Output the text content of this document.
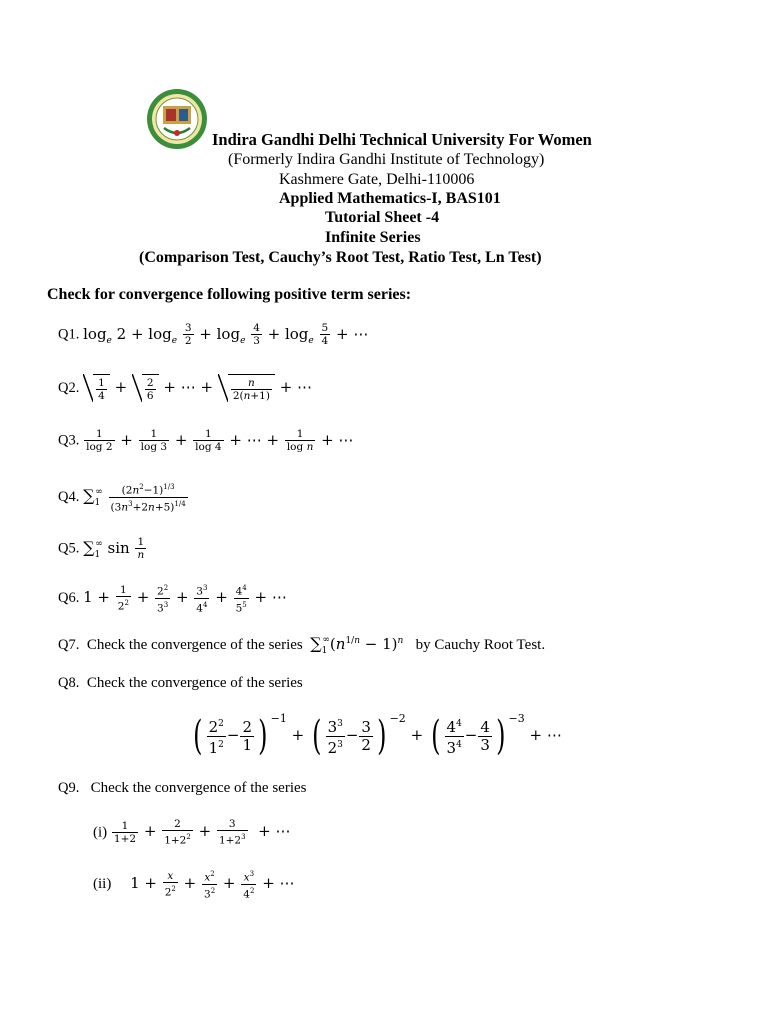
Indira Gandhi Delhi Technical University For Women
(Formerly Indira Gandhi Institute of Technology)
Kashmere Gate, Delhi-110006
Applied Mathematics-I, BAS101
Tutorial Sheet -4
Infinite Series
(Comparison Test, Cauchy’s Root Test, Ratio Test, Ln Test)
Check for convergence following positive term series:
Q1. $\log_e 2 + \log_e \frac{3}{2} + \log_e \frac{4}{3} + \log_e \frac{5}{4}$ + ⋯
Q2. $\frac{1}{4} + \frac{2}{6}$ + ⋯ + $\frac{n}{2(n+1)}$ + ⋯
Q3. $\frac{1}{\log 2} + \frac{1}{\log 3} + \frac{1}{\log 4}$ + ⋯ + $\frac{1}{\text{log n}}$ + ⋯
Q4. $\sum_1^\infty \frac{(2n^2-1)^{1/3}}{(3n^3+2n+5)^{1/4}}$
Q5. $\sum_1^\infty$ $\sin \frac{1}{n}$
Q6. $1 + \frac{1}{2^2} + \frac{2^2}{3^3} + \frac{3^3}{4^4} + \frac{4^4}{5^5}$ + ⋯
Q7. Check the convergence of the series $\sum_1^\infty(n^{1/n} - 1)^n$ by Cauchy Root Test.
Q8. Check the convergence of the series
( $\frac{2^2}{1^2} - \frac{2}{1}$ ) $^{-1}$ + ( $\frac{3^3}{2^3} - \frac{3}{2}$ ) $^{-2}$ + ( $\frac{4^4}{3^4} - \frac{4}{3}$ ) $^{-3}$ + ⋯
Q9. Check the convergence of the series
$(i) \frac{1}{1+2} + \frac{2}{1+2^2} + \frac{3}{1+2^3}$ + ⋯
(ii)     $1 + \frac{x}{2^2} + \frac{x^2}{3^2} + \frac{x^3}{4^2}$ + ⋯
